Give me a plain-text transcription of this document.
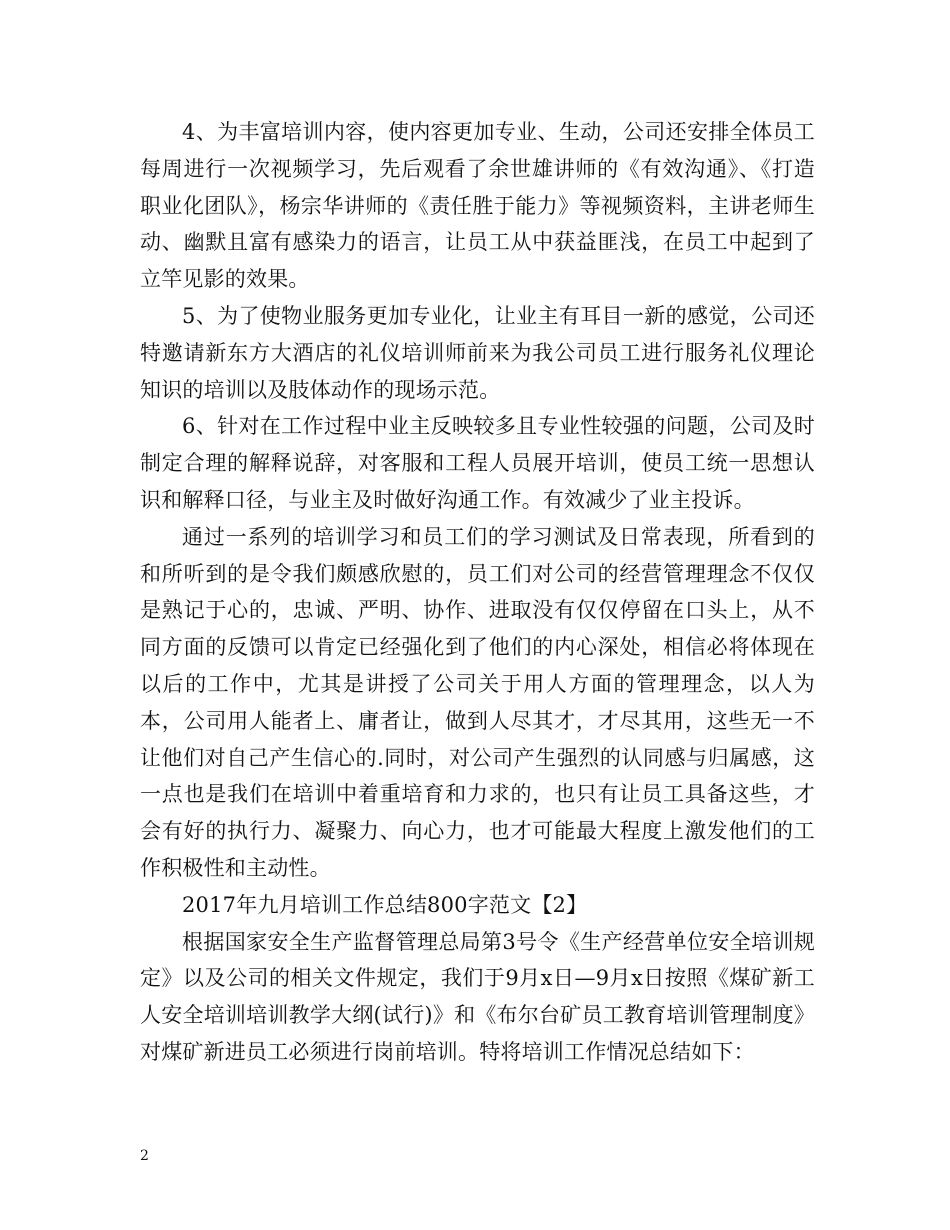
4、为丰富培训内容，使内容更加专业、生动，公司还安排全体员工每周进行一次视频学习，先后观看了余世雄讲师的《有效沟通》、《打造职业化团队》，杨宗华讲师的《责任胜于能力》等视频资料，主讲老师生动、幽默且富有感染力的语言，让员工从中获益匪浅，在员工中起到了立竿见影的效果。

5、为了使物业服务更加专业化，让业主有耳目一新的感觉，公司还特邀请新东方大酒店的礼仪培训师前来为我公司员工进行服务礼仪理论知识的培训以及肢体动作的现场示范。

6、针对在工作过程中业主反映较多且专业性较强的问题，公司及时制定合理的解释说辞，对客服和工程人员展开培训，使员工统一思想认识和解释口径，与业主及时做好沟通工作。有效减少了业主投诉。

通过一系列的培训学习和员工们的学习测试及日常表现，所看到的和所听到的是令我们颇感欣慰的，员工们对公司的经营管理理念不仅仅是熟记于心的，忠诚、严明、协作、进取没有仅仅停留在口头上，从不同方面的反馈可以肯定已经强化到了他们的内心深处，相信必将体现在以后的工作中，尤其是讲授了公司关于用人方面的管理理念，以人为本，公司用人能者上、庸者让，做到人尽其才，才尽其用，这些无一不让他们对自己产生信心的.同时，对公司产生强烈的认同感与归属感，这一点也是我们在培训中着重培育和力求的，也只有让员工具备这些，才会有好的执行力、凝聚力、向心力，也才可能最大程度上激发他们的工作积极性和主动性。

2017年九月培训工作总结800字范文【2】

根据国家安全生产监督管理总局第3号令《生产经营单位安全培训规定》以及公司的相关文件规定，我们于9月x日—9月x日按照《煤矿新工人安全培训培训教学大纲(试行)》和《布尔台矿员工教育培训管理制度》对煤矿新进员工必须进行岗前培训。特将培训工作情况总结如下：

2
